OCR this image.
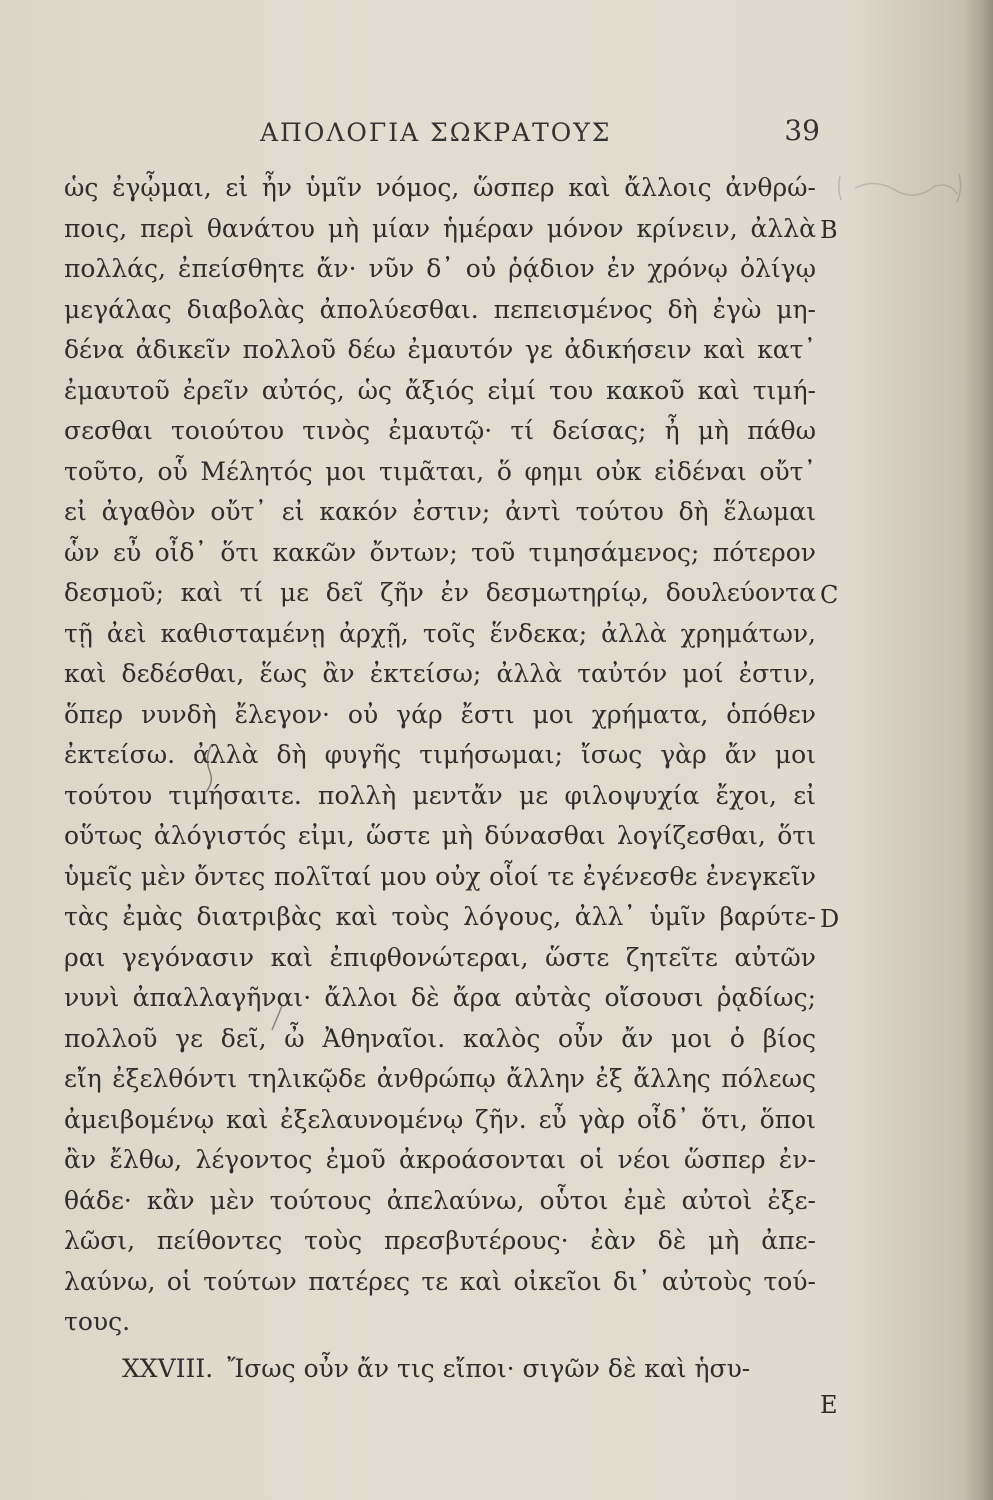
ΑΠΟΛΟΓΙΑ ΣΩΚΡΑΤΟΥΣ	39
ὡς ἐγᾦμαι, εἰ ἦν ὑμῖν νόμος, ὥσπερ καὶ ἄλλοις ἀνθρώ-
ποις, περὶ θανάτου μὴ μίαν ἡμέραν μόνον κρίνειν, ἀλλὰ
πολλάς, ἐπείσθητε ἄν· νῦν δ᾽ οὐ ῥᾴδιον ἐν χρόνῳ ὀλίγῳ
μεγάλας διαβολὰς ἀπολύεσθαι. πεπεισμένος δὴ ἐγὼ μη-
δένα ἀδικεῖν πολλοῦ δέω ἐμαυτόν γε ἀδικήσειν καὶ κατ᾽
ἐμαυτοῦ ἐρεῖν αὐτός, ὡς ἄξιός εἰμί του κακοῦ καὶ τιμή-
σεσθαι τοιούτου τινὸς ἐμαυτῷ· τί δείσας; ἦ μὴ πάθω
τοῦτο, οὗ Μέλητός μοι τιμᾶται, ὅ φημι οὐκ εἰδέναι οὔτ᾽
εἰ ἀγαθὸν οὔτ᾽ εἰ κακόν ἐστιν; ἀντὶ τούτου δὴ ἕλωμαι
ὧν εὖ οἶδ᾽ ὅτι κακῶν ὄντων; τοῦ τιμησάμενος; πότερον
δεσμοῦ; καὶ τί με δεῖ ζῆν ἐν δεσμωτηρίῳ, δουλεύοντα
τῇ ἀεὶ καθισταμένῃ ἀρχῇ, τοῖς ἕνδεκα; ἀλλὰ χρημάτων,
καὶ δεδέσθαι, ἕως ἂν ἐκτείσω; ἀλλὰ ταὐτόν μοί ἐστιν,
ὅπερ νυνδὴ ἔλεγον· οὐ γάρ ἔστι μοι χρήματα, ὁπόθεν
ἐκτείσω. ἀλλὰ δὴ φυγῆς τιμήσωμαι; ἴσως γὰρ ἄν μοι
τούτου τιμήσαιτε. πολλὴ μεντἄν με φιλοψυχία ἔχοι, εἰ
οὕτως ἀλόγιστός εἰμι, ὥστε μὴ δύνασθαι λογίζεσθαι, ὅτι
ὑμεῖς μὲν ὄντες πολῖταί μου οὐχ οἷοί τε ἐγένεσθε ἐνεγκεῖν
τὰς ἐμὰς διατριβὰς καὶ τοὺς λόγους, ἀλλ᾽ ὑμῖν βαρύτε-
ραι γεγόνασιν καὶ ἐπιφθονώτεραι, ὥστε ζητεῖτε αὐτῶν
νυνὶ ἀπαλλαγῆναι· ἄλλοι δὲ ἄρα αὐτὰς οἴσουσι ῥᾳδίως;
πολλοῦ γε δεῖ, ὦ Ἀθηναῖοι. καλὸς οὖν ἄν μοι ὁ βίος
εἴη ἐξελθόντι τηλικῷδε ἀνθρώπῳ ἄλλην ἐξ ἄλλης πόλεως
ἀμειβομένῳ καὶ ἐξελαυνομένῳ ζῆν. εὖ γὰρ οἶδ᾽ ὅτι, ὅποι
ἂν ἔλθω, λέγοντος ἐμοῦ ἀκροάσονται οἱ νέοι ὥσπερ ἐν-
θάδε· κἂν μὲν τούτους ἀπελαύνω, οὗτοι ἐμὲ αὐτοὶ ἐξε-
λῶσι, πείθοντες τοὺς πρεσβυτέρους· ἐὰν δὲ μὴ ἀπε-
λαύνω, οἱ τούτων πατέρες τε καὶ οἰκεῖοι δι᾽ αὐτοὺς τού-
τους.
XXVIII. Ἴσως οὖν ἄν τις εἴποι· σιγῶν δὲ καὶ ἡσυ-
B
C
D
E
